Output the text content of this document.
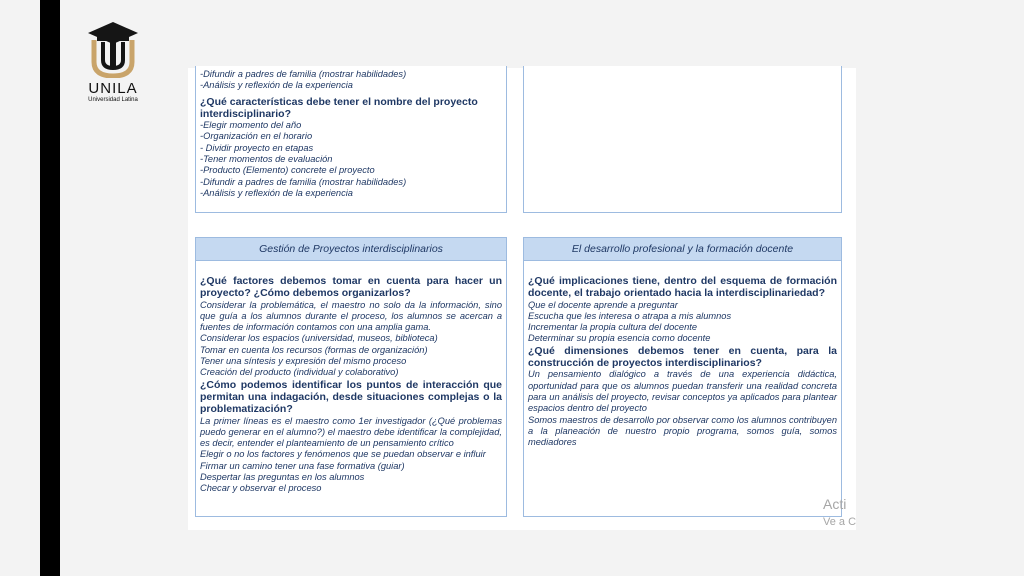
UNILA
Universidad Latina
-Difundir a padres de familia (mostrar habilidades)
-Análisis y reflexión de la experiencia
¿Qué características debe tener el nombre del proyecto interdisciplinario?
-Elegir momento del año
-Organización en el horario
- Dividir proyecto en etapas
-Tener momentos de evaluación
-Producto (Elemento) concrete el proyecto
-Difundir a padres de familia (mostrar habilidades)
-Análisis y reflexión de la experiencia
Gestión de Proyectos interdisciplinarios
¿Qué factores debemos tomar en cuenta para hacer un proyecto? ¿Cómo debemos organizarlos?
Considerar la problemática, el maestro no solo da la información, sino que guía a los alumnos durante el proceso, los alumnos se acercan a fuentes de información contamos con una amplia gama.
Considerar los espacios (universidad, museos, biblioteca)
Tomar en cuenta los recursos (formas de organización)
Tener una síntesis y expresión del mismo proceso
Creación del producto (individual y colaborativo)
¿Cómo podemos identificar los puntos de interacción que permitan una indagación, desde situaciones complejas o la problematización?
La primer líneas es el maestro como 1er investigador (¿Qué problemas puedo generar en el alumno?) el maestro debe identificar la complejidad, es decir, entender el planteamiento de un pensamiento crítico
Elegir o no los factores y fenómenos que se puedan observar e influir
Firmar un camino tener una fase formativa (guiar)
Despertar las preguntas en los alumnos
Checar y observar el proceso
El desarrollo profesional y la formación docente
¿Qué implicaciones tiene, dentro del esquema de formación docente, el trabajo orientado hacia la interdisciplinariedad?
Que el docente aprende a preguntar
Escucha que les interesa o atrapa a mis alumnos
Incrementar la propia cultura del docente
Determinar su propia esencia como docente
¿Qué dimensiones debemos tener en cuenta, para la construcción de proyectos interdisciplinarios?
Un pensamiento dialógico a través de una experiencia didáctica, oportunidad para que os alumnos puedan transferir una realidad concreta para un análisis del proyecto, revisar conceptos ya aplicados para plantear espacios dentro del proyecto
Somos maestros de desarrollo por observar como los alumnos contribuyen a la planeación de nuestro propio programa, somos guía, somos mediadores
Acti
Ve a C
